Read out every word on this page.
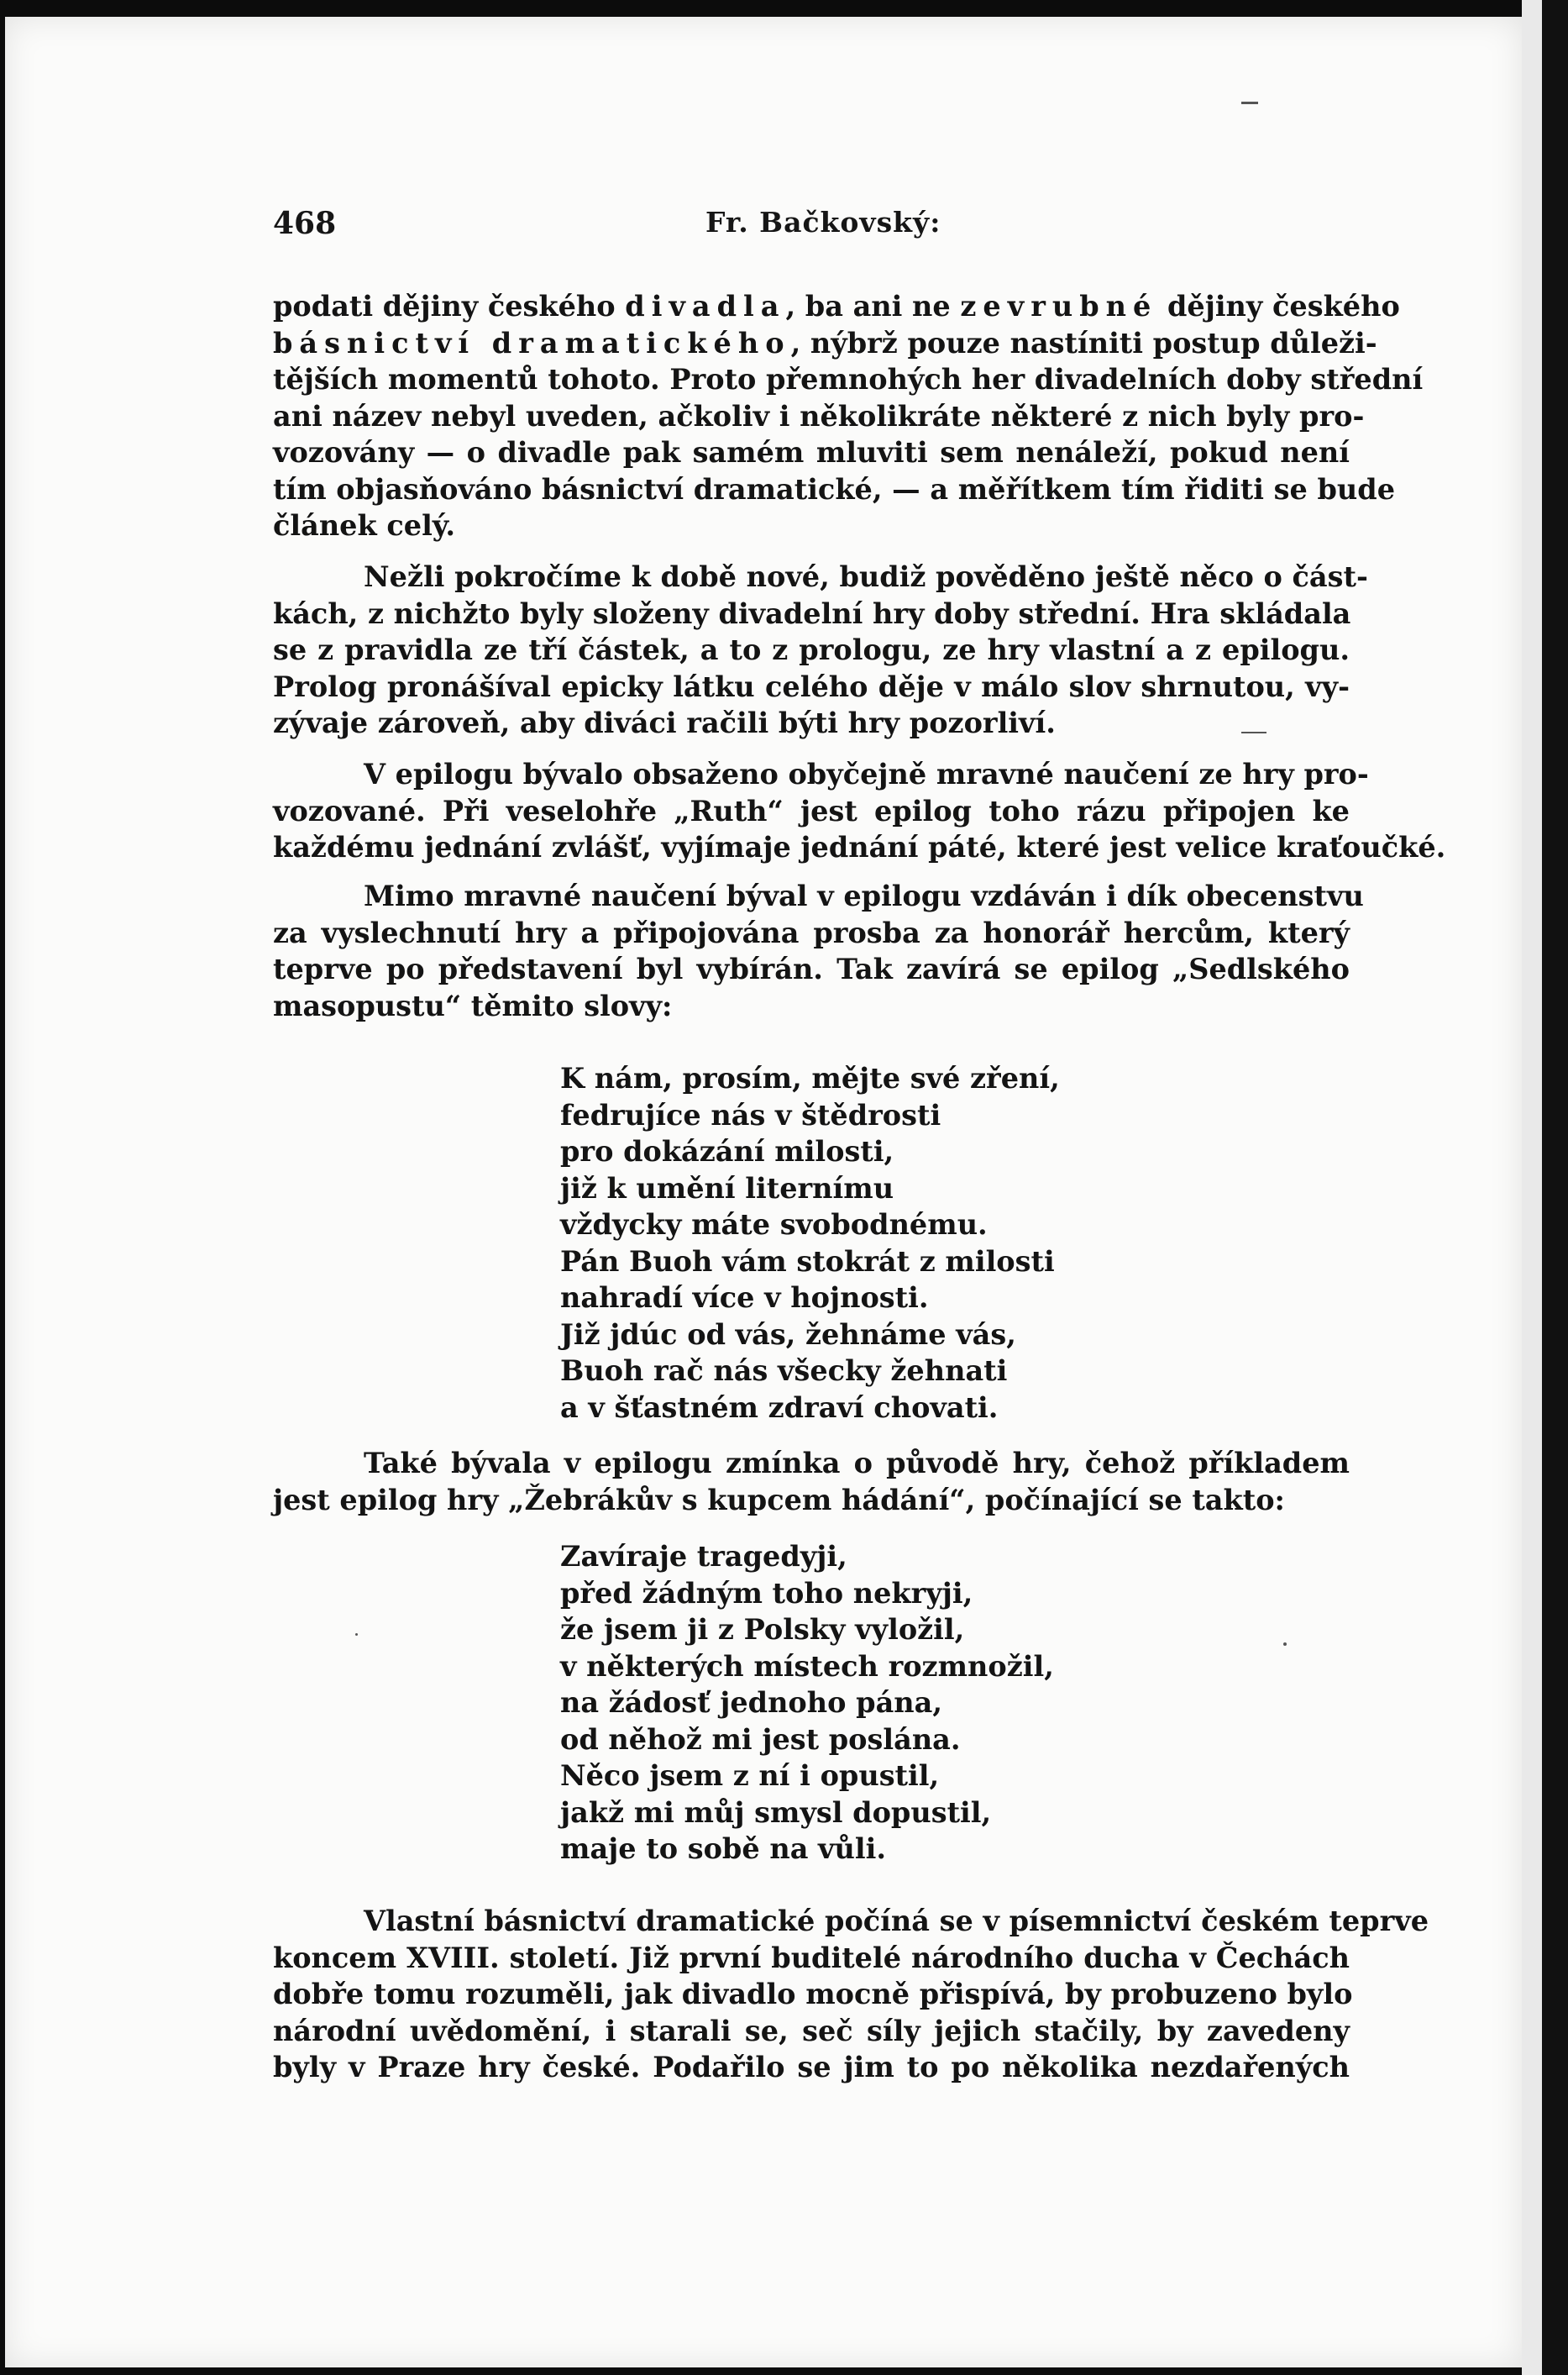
468	Fr. Bačkovský:
podati dějiny českého divadla, ba ani ne zevrubné dějiny českého
básnictví dramatického, nýbrž pouze nastíniti postup důleži-
tějších momentů tohoto. Proto přemnohých her divadelních doby střední
ani název nebyl uveden, ačkoliv i několikráte některé z nich byly pro-
vozovány — o divadle pak samém mluviti sem nenáleží, pokud není
tím objasňováno básnictví dramatické, — a měřítkem tím řiditi se bude
článek celý.
Nežli pokročíme k době nové, budiž pověděno ještě něco o část-
kách, z nichžto byly složeny divadelní hry doby střední. Hra skládala
se z pravidla ze tří částek, a to z prologu, ze hry vlastní a z epilogu.
Prolog pronášíval epicky látku celého děje v málo slov shrnutou, vy-
zývaje zároveň, aby diváci račili býti hry pozorliví.
V epilogu bývalo obsaženo obyčejně mravné naučení ze hry pro-
vozované. Při veselohře „Ruth“ jest epilog toho rázu připojen ke
každému jednání zvlášť, vyjímaje jednání páté, které jest velice kraťoučké.
Mimo mravné naučení býval v epilogu vzdáván i dík obecenstvu
za vyslechnutí hry a připojována prosba za honorář hercům, který
teprve po představení byl vybírán. Tak zavírá se epilog „Sedlského
masopustu“ těmito slovy:
K nám, prosím, mějte své zření,
fedrujíce nás v štědrosti
pro dokázání milosti,
již k umění liternímu
vždycky máte svobodnému.
Pán Buoh vám stokrát z milosti
nahradí více v hojnosti.
Již jdúc od vás, žehnáme vás,
Buoh rač nás všecky žehnati
a v šťastném zdraví chovati.
Také bývala v epilogu zmínka o původě hry, čehož příkladem
jest epilog hry „Žebrákův s kupcem hádání“, počínající se takto:
Zavíraje tragedyji,
před žádným toho nekryji,
že jsem ji z Polsky vyložil,
v některých místech rozmnožil,
na žádosť jednoho pána,
od něhož mi jest poslána.
Něco jsem z ní i opustil,
jakž mi můj smysl dopustil,
maje to sobě na vůli.
Vlastní básnictví dramatické počíná se v písemnictví českém teprve
koncem XVIII. století. Již první buditelé národního ducha v Čechách
dobře tomu rozuměli, jak divadlo mocně přispívá, by probuzeno bylo
národní uvědomění, i starali se, seč síly jejich stačily, by zavedeny
byly v Praze hry české. Podařilo se jim to po několika nezdařených
